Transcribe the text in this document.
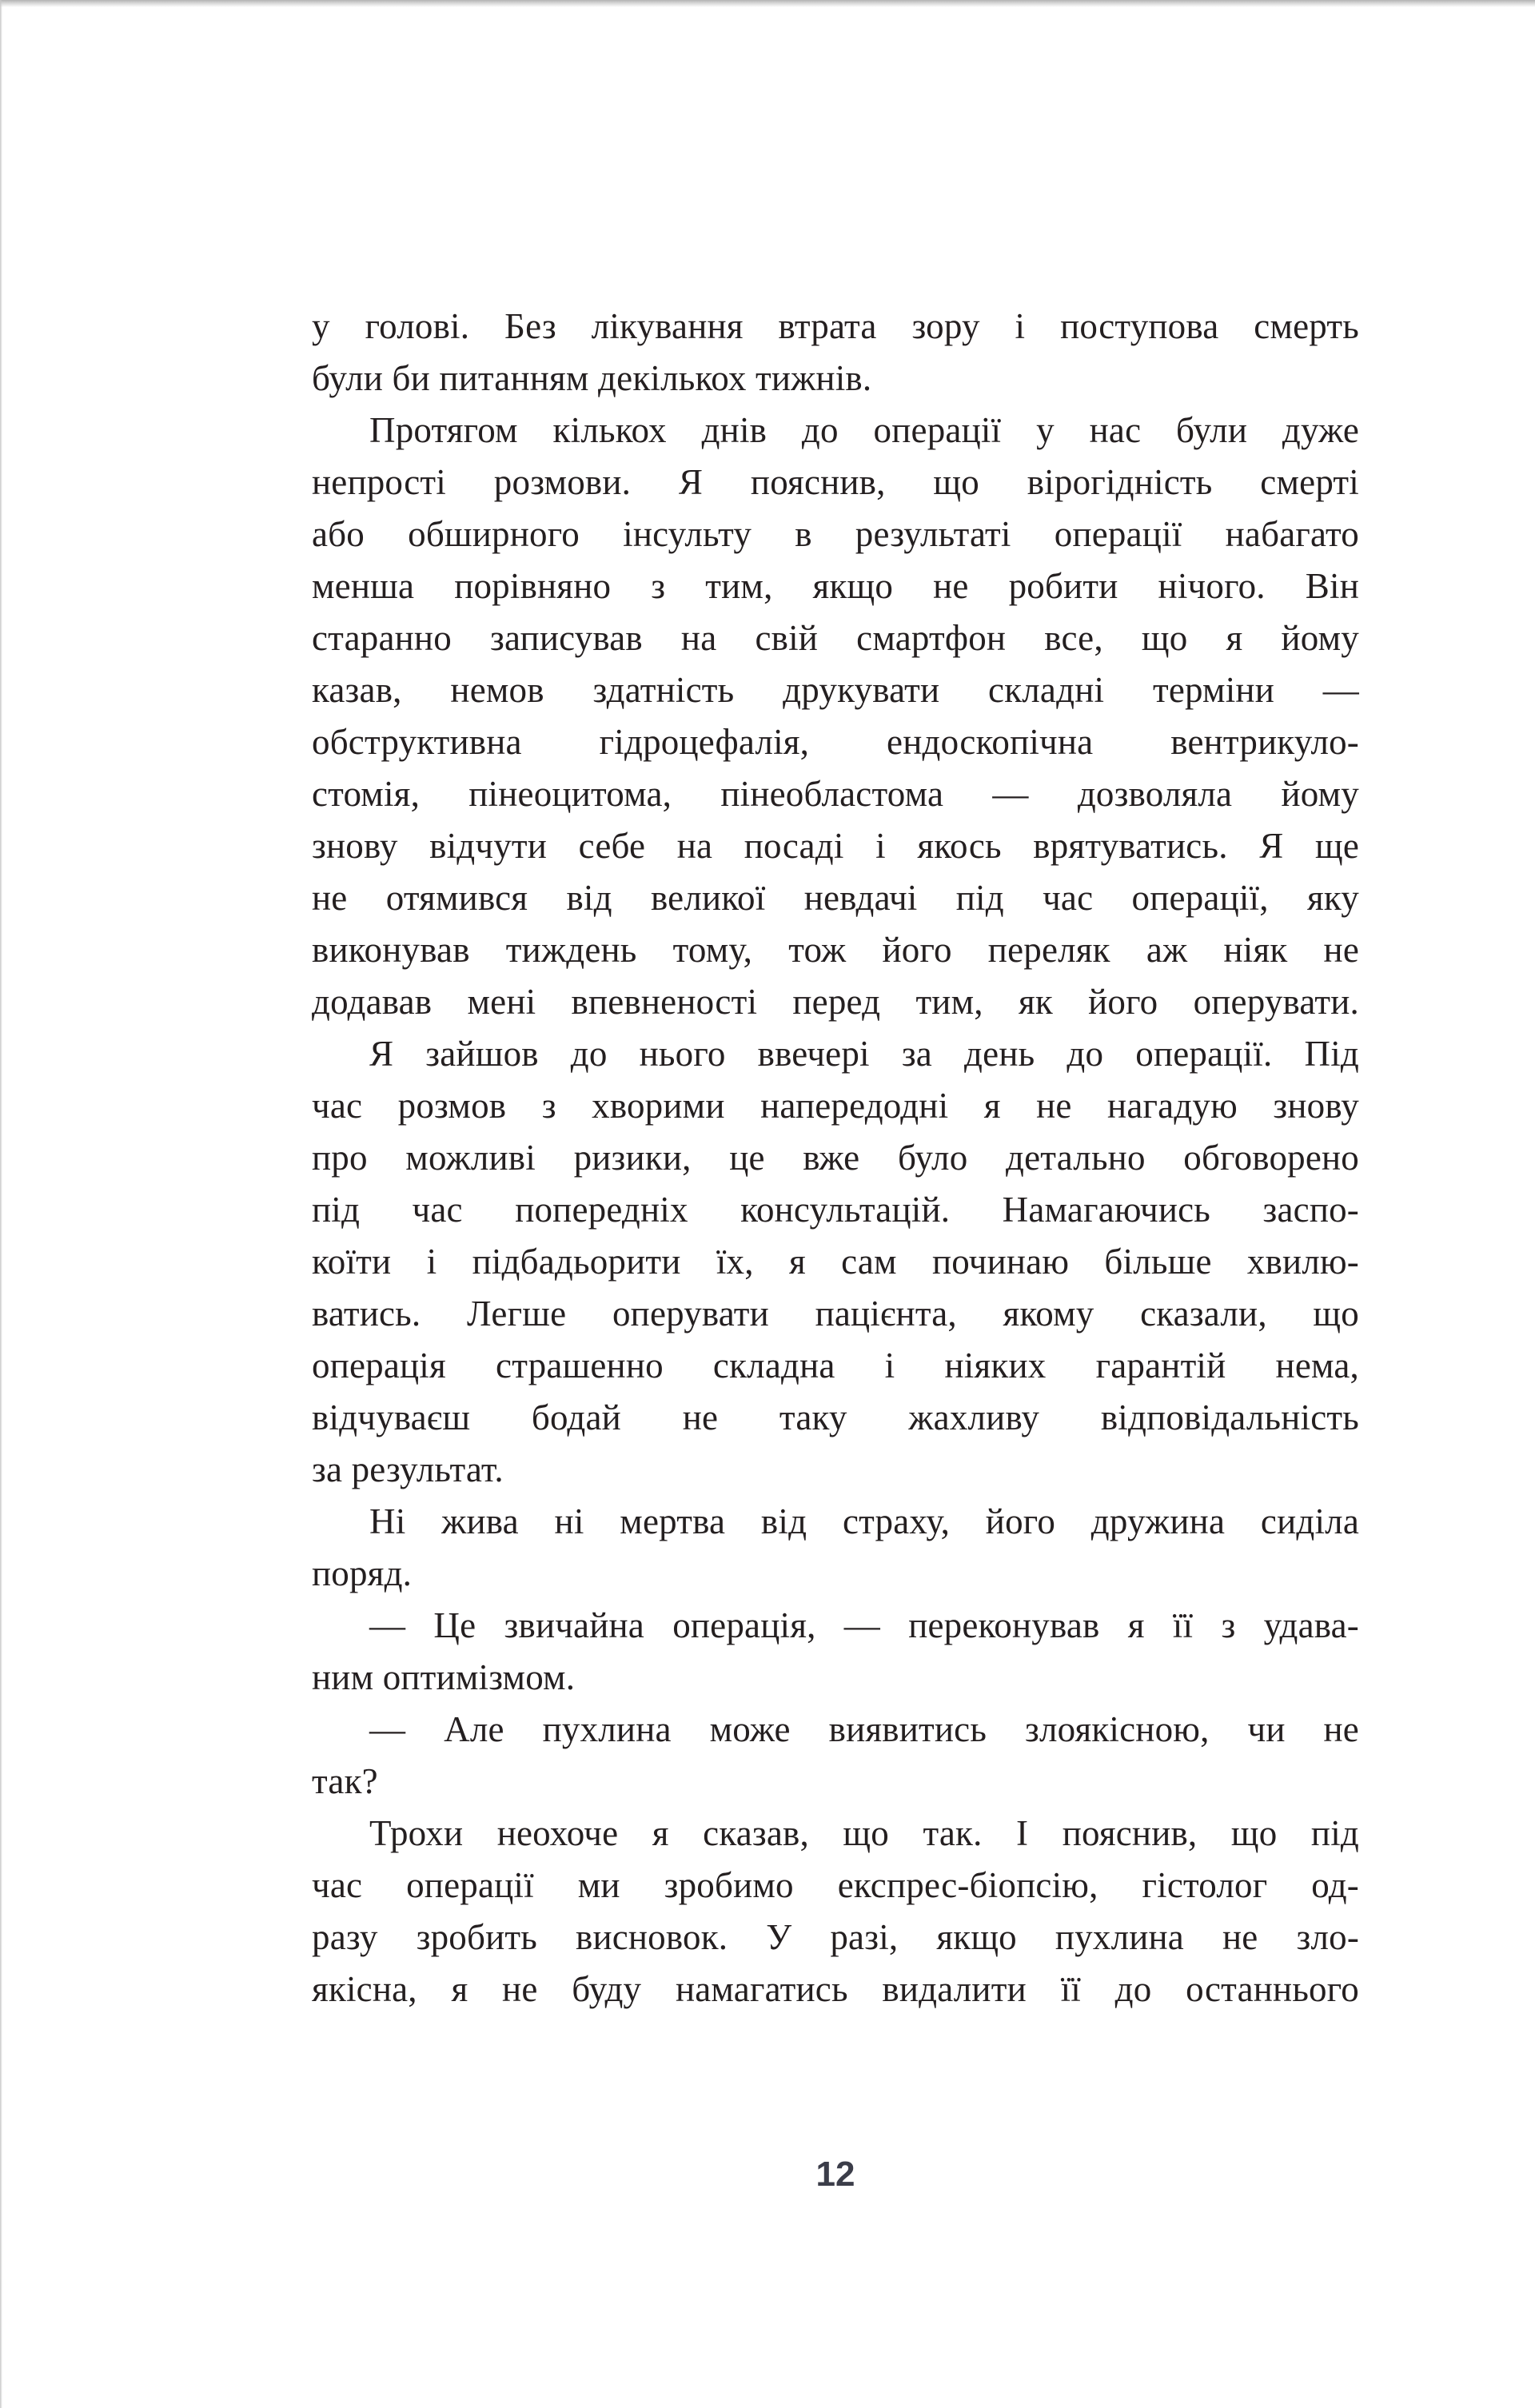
у голові. Без лікування втрата зору і поступова смерть
були би питанням декількох тижнів.
Протягом кількох днів до операції у нас були дуже
непрості розмови. Я пояснив, що вірогідність смерті
або обширного інсульту в результаті операції набагато
менша порівняно з тим, якщо не робити нічого. Він
старанно записував на свій смартфон все, що я йому
казав, немов здатність друкувати складні терміни —
обструктивна гідроцефалія, ендоскопічна вентрикуло-
стомія, пінеоцитома, пінеобластома — дозволяла йому
знову відчути себе на посаді і якось врятуватись. Я ще
не отямився від великої невдачі під час операції, яку
виконував тиждень тому, тож його переляк аж ніяк не
додавав мені впевненості перед тим, як його оперувати.
Я зайшов до нього ввечері за день до операції. Під
час розмов з хворими напередодні я не нагадую знову
про можливі ризики, це вже було детально обговорено
під час попередніх консультацій. Намагаючись заспо-
коїти і підбадьорити їх, я сам починаю більше хвилю-
ватись. Легше оперувати пацієнта, якому сказали, що
операція страшенно складна і ніяких гарантій нема,
відчуваєш бодай не таку жахливу відповідальність
за результат.
Ні жива ні мертва від страху, його дружина сиділа
поряд.
— Це звичайна операція, — переконував я її з удава-
ним оптимізмом.
— Але пухлина може виявитись злоякісною, чи не
так?
Трохи неохоче я сказав, що так. І пояснив, що під
час операції ми зробимо експрес-біопсію, гістолог од-
разу зробить висновок. У разі, якщо пухлина не зло-
якісна, я не буду намагатись видалити її до останнього
12
